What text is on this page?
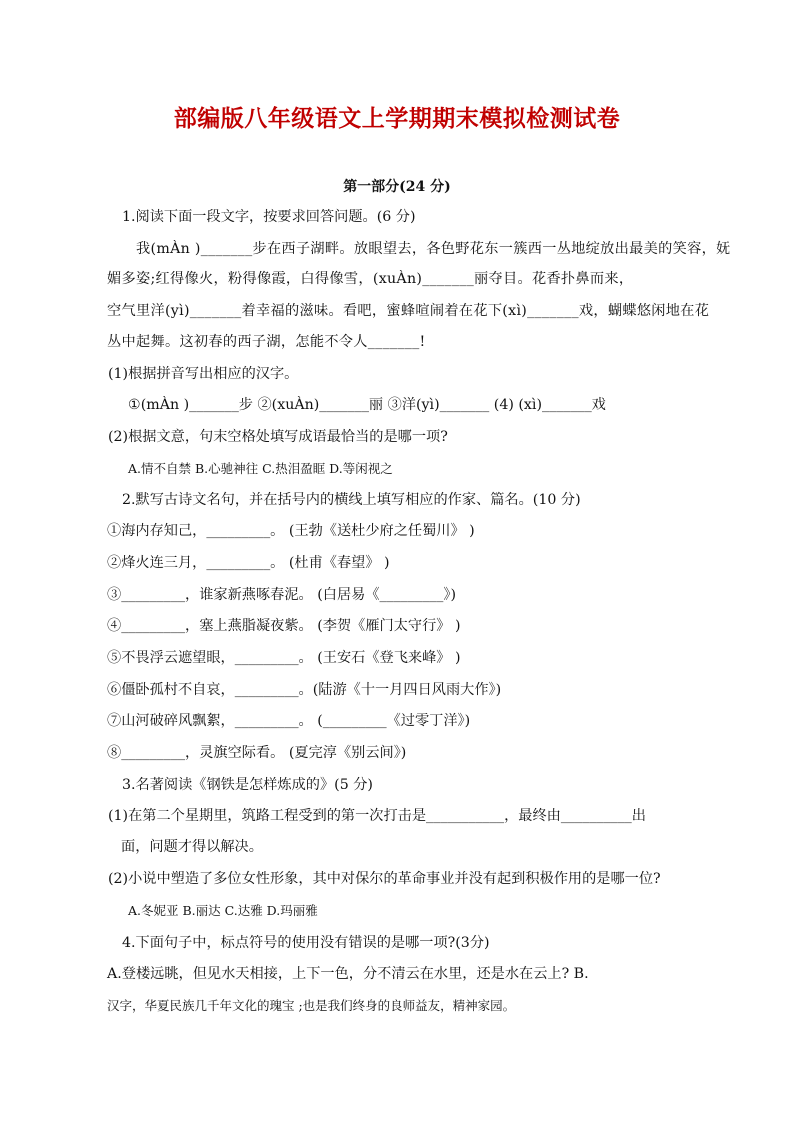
部编版八年级语文上学期期末模拟检测试卷
第一部分(24 分)
1.阅读下面一段文字，按要求回答问题。(6 分)
我(mÀn )_______步在西子湖畔。放眼望去，各色野花东一簇西一丛地绽放出最美的笑容，妩
媚多姿;红得像火，粉得像霞，白得像雪，(xuÀn)_______丽夺目。花香扑鼻而来，
空气里洋(yì)_______着幸福的滋味。看吧，蜜蜂喧闹着在花下(xì)_______戏，蝴蝶悠闲地在花
丛中起舞。这初春的西子湖，怎能不令人_______!
(1)根据拼音写出相应的汉字。
①(mÀn )_______步 ②(xuÀn)_______丽 ③洋(yì)_______ (4) (xì)_______戏
(2)根据文意，句末空格处填写成语最恰当的是哪一项?
A.情不自禁 B.心驰神往 C.热泪盈眶 D.等闲视之
2.默写古诗文名句，并在括号内的横线上填写相应的作家、篇名。(10 分)
①海内存知己，_________。 (王勃《送杜少府之任蜀川》 )
②烽火连三月，_________。 (杜甫《春望》 )
③_________，谁家新燕啄春泥。 (白居易《_________》)
④_________，塞上燕脂凝夜紫。 (李贺《雁门太守行》 )
⑤不畏浮云遮望眼，_________。 (王安石《登飞来峰》 )
⑥僵卧孤村不自哀，_________。(陆游《十一月四日风雨大作》)
⑦山河破碎风飘絮，_________。 (_________《过零丁洋》)
⑧_________，灵旗空际看。 (夏完淳《别云间》)
3.名著阅读《钢铁是怎样炼成的》(5 分)
(1)在第二个星期里，筑路工程受到的第一次打击是___________，最终由__________出
面，问题才得以解决。
(2)小说中塑造了多位女性形象，其中对保尔的革命事业并没有起到积极作用的是哪一位?
A.冬妮亚 B.丽达 C.达雅 D.玛丽雅
4.下面句子中，标点符号的使用没有错误的是哪一项?(3分)
A.登楼远眺，但见水天相接，上下一色，分不清云在水里，还是水在云上? B.
汉字，华夏民族几千年文化的瑰宝 ;也是我们终身的良师益友，精神家园。
